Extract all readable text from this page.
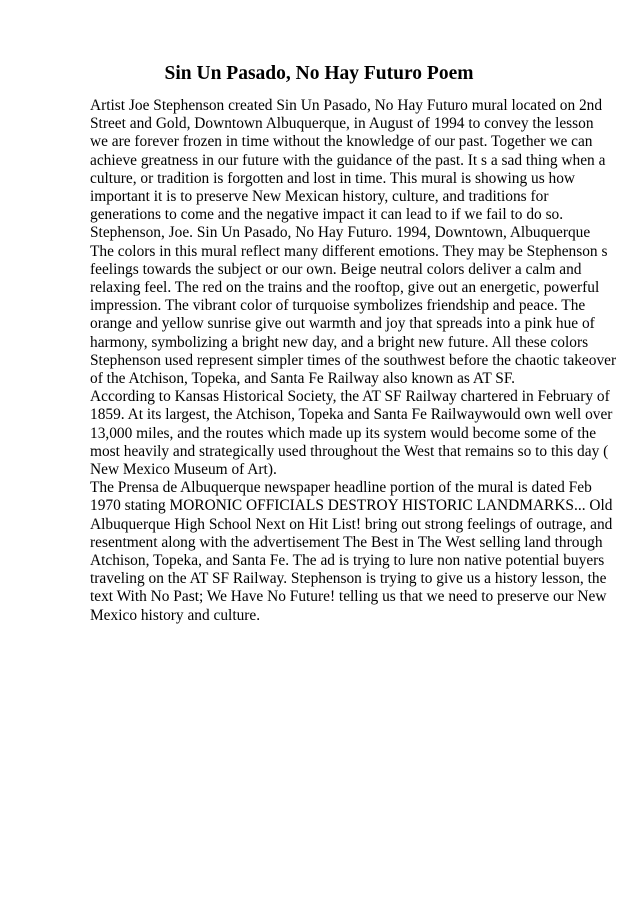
Sin Un Pasado, No Hay Futuro Poem
Artist Joe Stephenson created Sin Un Pasado, No Hay Futuro mural located on 2nd
Street and Gold, Downtown Albuquerque, in August of 1994 to convey the lesson
we are forever frozen in time without the knowledge of our past. Together we can
achieve greatness in our future with the guidance of the past. It s a sad thing when a
culture, or tradition is forgotten and lost in time. This mural is showing us how
important it is to preserve New Mexican history, culture, and traditions for
generations to come and the negative impact it can lead to if we fail to do so.
Stephenson, Joe. Sin Un Pasado, No Hay Futuro. 1994, Downtown, Albuquerque
The colors in this mural reflect many different emotions. They may be Stephenson s
feelings towards the subject or our own. Beige neutral colors deliver a calm and
relaxing feel. The red on the trains and the rooftop, give out an energetic, powerful
impression. The vibrant color of turquoise symbolizes friendship and peace. The
orange and yellow sunrise give out warmth and joy that spreads into a pink hue of
harmony, symbolizing a bright new day, and a bright new future. All these colors
Stephenson used represent simpler times of the southwest before the chaotic takeover
of the Atchison, Topeka, and Santa Fe Railway also known as AT SF.
According to Kansas Historical Society, the AT SF Railway chartered in February of
1859. At its largest, the Atchison, Topeka and Santa Fe Railwaywould own well over
13,000 miles, and the routes which made up its system would become some of the
most heavily and strategically used throughout the West that remains so to this day (
New Mexico Museum of Art).
The Prensa de Albuquerque newspaper headline portion of the mural is dated Feb
1970 stating MORONIC OFFICIALS DESTROY HISTORIC LANDMARKS... Old
Albuquerque High School Next on Hit List! bring out strong feelings of outrage, and
resentment along with the advertisement The Best in The West selling land through
Atchison, Topeka, and Santa Fe. The ad is trying to lure non native potential buyers
traveling on the AT SF Railway. Stephenson is trying to give us a history lesson, the
text With No Past; We Have No Future! telling us that we need to preserve our New
Mexico history and culture.
